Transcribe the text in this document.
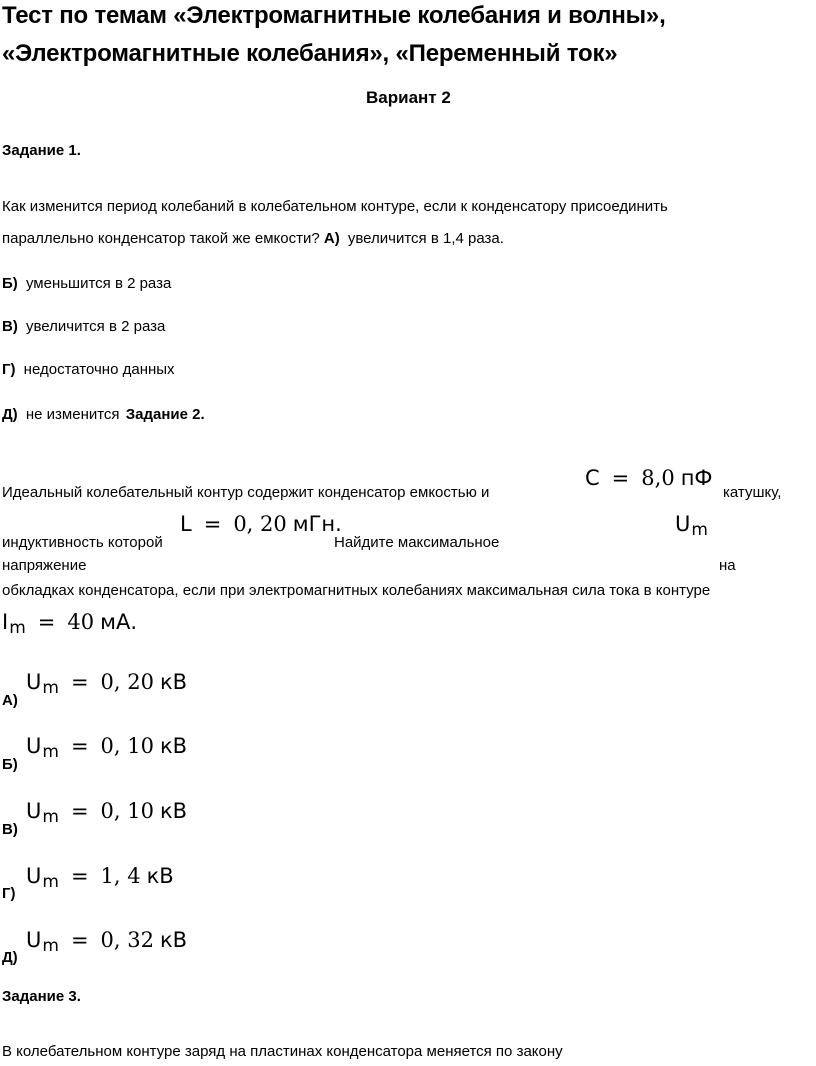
Тест по темам «Электромагнитные колебания и волны»,
«Электромагнитные колебания», «Переменный ток»
Вариант 2
Задание 1.
Как изменится период колебаний в колебательном контуре, если к конденсатору присоединить
параллельно конденсатор такой же емкости? А) увеличится в 1,4 раза.
Б) уменьшится в 2 раза
В) увеличится в 2 раза
Г) недостаточно данных
Д) не изменится Задание 2.
Идеальный колебательный контур содержит конденсатор емкостью и
C = 8,0 пФ
катушку,
L = 0, 20 мГн.	Um
индуктивность которой	Найдите максимальное
напряжение	на
обкладках конденсатора, если при электромагнитных колебаниях максимальная сила тока в контуре
Im = 40 мА.
Um = 0, 20 кВ
А)
Um = 0, 10 кВ
Б)
Um = 0, 10 кВ
В)
Um = 1, 4 кВ
Г)
Um = 0, 32 кВ
Д)
Задание 3.
В колебательном контуре заряд на пластинах конденсатора меняется по закону
